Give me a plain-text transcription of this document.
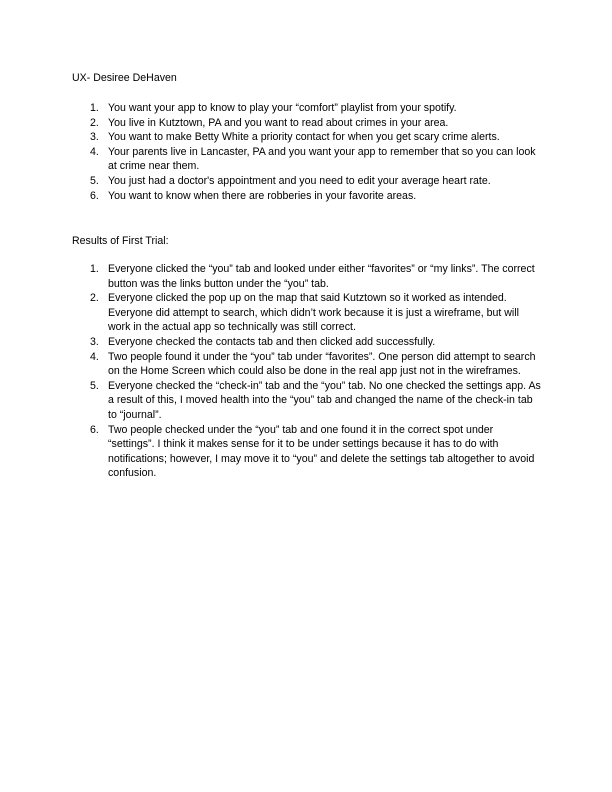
UX- Desiree DeHaven
1. You want your app to know to play your “comfort” playlist from your spotify.
2. You live in Kutztown, PA and you want to read about crimes in your area.
3. You want to make Betty White a priority contact for when you get scary crime alerts.
4. Your parents live in Lancaster, PA and you want your app to remember that so you can look at crime near them.
5. You just had a doctor's appointment and you need to edit your average heart rate.
6. You want to know when there are robberies in your favorite areas.
Results of First Trial:
1. Everyone clicked the “you” tab and looked under either “favorites” or “my links”. The correct button was the links button under the “you” tab.
2. Everyone clicked the pop up on the map that said Kutztown so it worked as intended. Everyone did attempt to search, which didn’t work because it is just a wireframe, but will work in the actual app so technically was still correct.
3. Everyone checked the contacts tab and then clicked add successfully.
4. Two people found it under the “you” tab under “favorites”. One person did attempt to search on the Home Screen which could also be done in the real app just not in the wireframes.
5. Everyone checked the “check-in” tab and the “you” tab. No one checked the settings app. As a result of this, I moved health into the “you” tab and changed the name of the check-in tab to “journal”.
6. Two people checked under the “you” tab and one found it in the correct spot under “settings”. I think it makes sense for it to be under settings because it has to do with notifications; however, I may move it to “you” and delete the settings tab altogether to avoid confusion.
